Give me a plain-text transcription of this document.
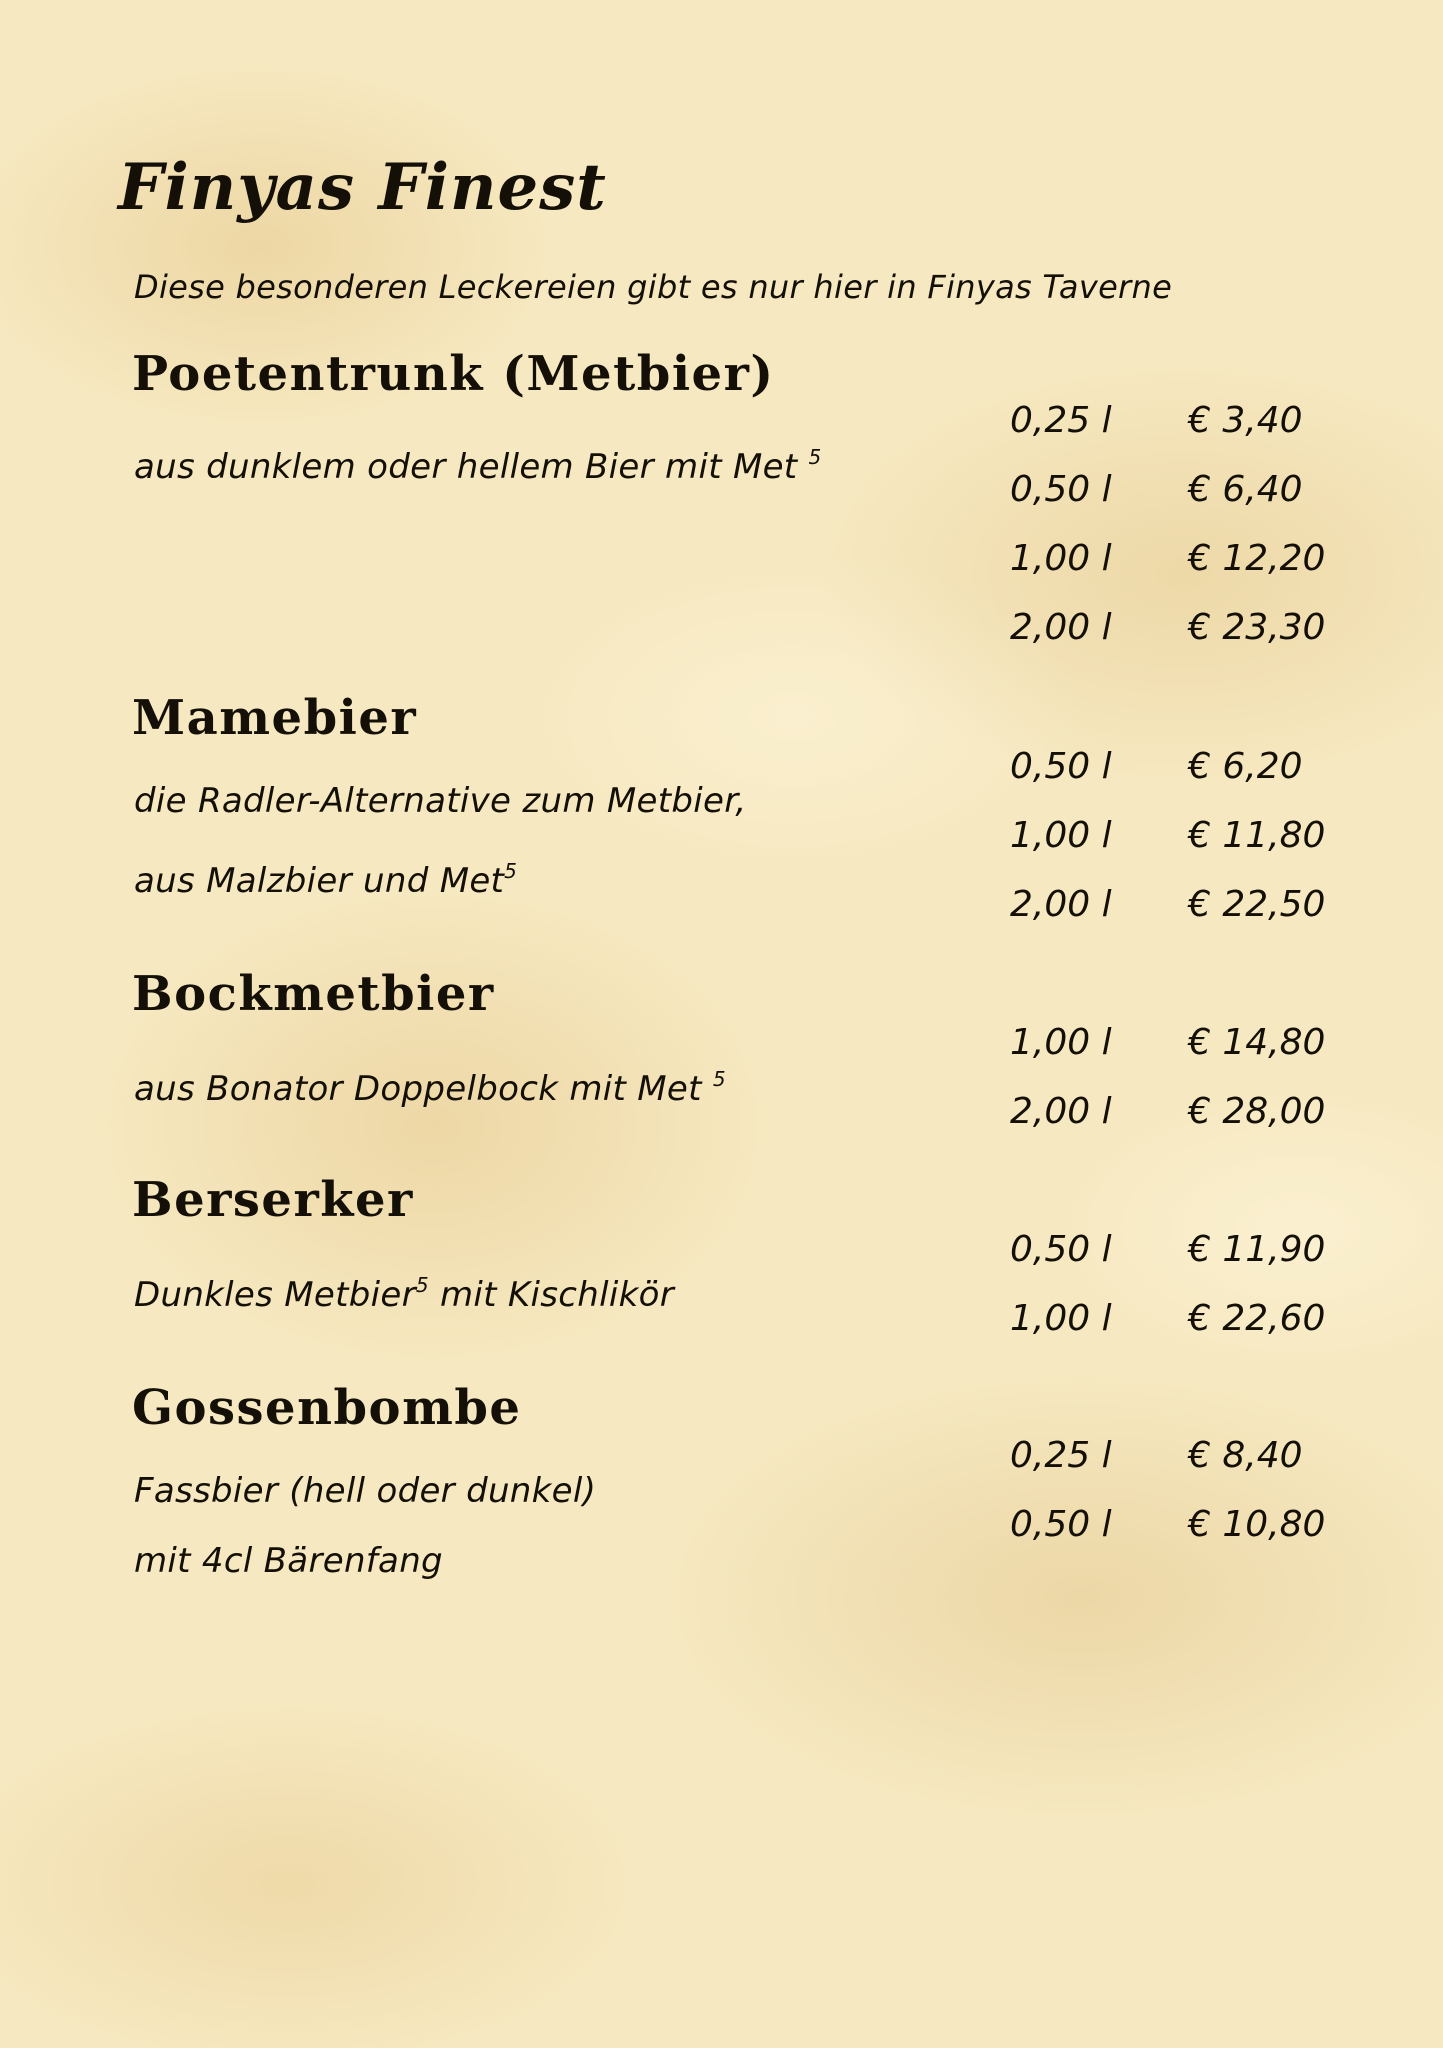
Finyas Finest
Diese besonderen Leckereien gibt es nur hier in Finyas Taverne
Poetentrunk (Metbier)
aus dunklem oder hellem Bier mit Met $^5$
0,25 l	€ 3,40
0,50 l	€ 6,40
1,00 l	€ 12,20
2,00 l	€ 23,30
Mamebier
die Radler-Alternative zum Metbier,
aus Malzbier und Met$^5$
0,50 l	€ 6,20
1,00 l	€ 11,80
2,00 l	€ 22,50
Bockmetbier
aus Bonator Doppelbock mit Met $^5$
1,00 l	€ 14,80
2,00 l	€ 28,00
Berserker
Dunkles Metbier$^5$ mit Kischlikör
0,50 l	€ 11,90
1,00 l	€ 22,60
Gossenbombe
Fassbier (hell oder dunkel)
mit 4cl Bärenfang
0,25 l	€ 8,40
0,50 l	€ 10,80
